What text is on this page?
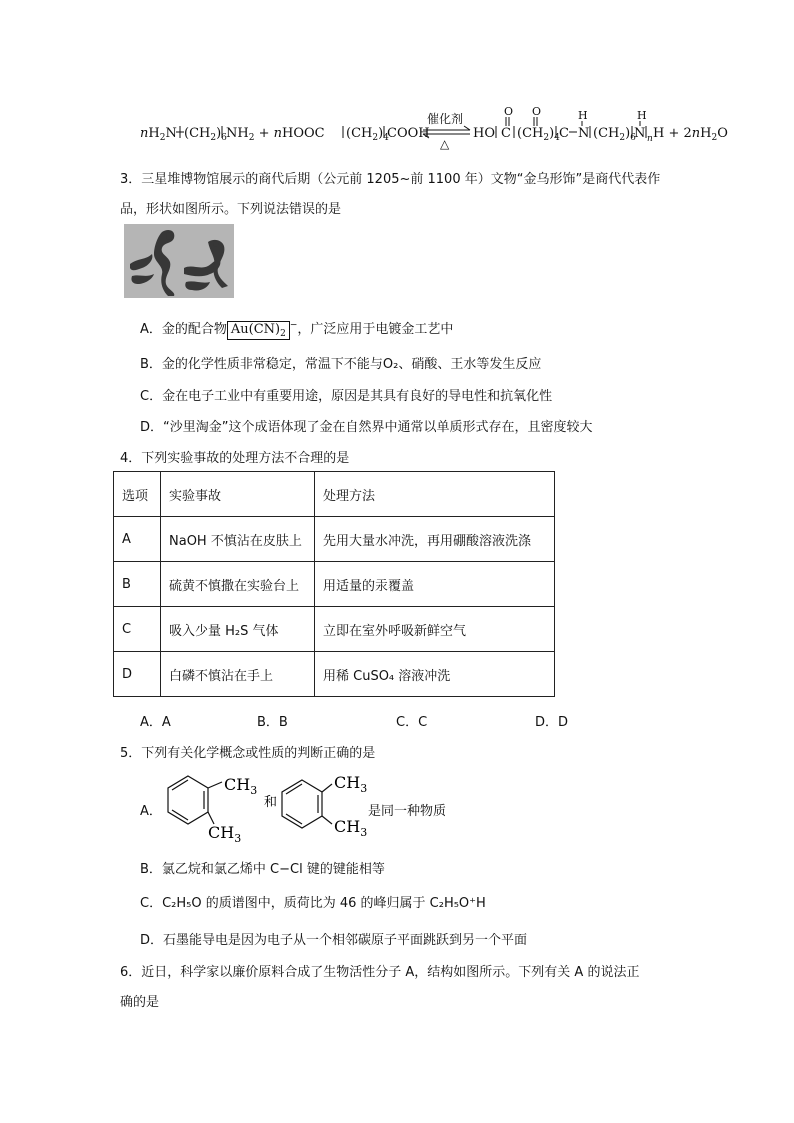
$nH_2N$ $(CH_2)_6$ $NH_2$ + nHOOC $(CH_2)_4$
COOH
催化剂
△
HO
O
C $(CH_2)_4$
O
C N
H
$(CH_2)_6$
N
H
n $H + 2nH_2O$
3．三星堆博物馆展示的商代后期（公元前 1205~前 1100 年）文物“金乌形饰”是商代代表作
品，形状如图所示。下列说法错误的是
A．金的配合物 $Au(CN)_2^-$，广泛应用于电镀金工艺中
B．金的化学性质非常稳定，常温下不能与O₂、硝酸、王水等发生反应
C．金在电子工业中有重要用途，原因是其具有良好的导电性和抗氧化性
D．“沙里淘金”这个成语体现了金在自然界中通常以单质形式存在，且密度较大
4．下列实验事故的处理方法不合理的是
选项	实验事故	处理方法
A	NaOH 不慎沾在皮肤上	先用大量水冲洗，再用硼酸溶液洗涤
B	硫黄不慎撒在实验台上	用适量的汞覆盖
C	吸入少量 H₂S 气体	立即在室外呼吸新鲜空气
D	白磷不慎沾在手上	用稀 CuSO₄ 溶液冲洗
A．A	B．B	C．C	D．D
5．下列有关化学概念或性质的判断正确的是
A．
$CH_3$
$CH_3$
和
$CH_3$
$CH_3$
是同一种物质
B．氯乙烷和氯乙烯中 C−Cl 键的键能相等
C．C₂H₅O 的质谱图中，质荷比为 46 的峰归属于 C₂H₅O⁺H
D．石墨能导电是因为电子从一个相邻碳原子平面跳跃到另一个平面
6．近日，科学家以廉价原料合成了生物活性分子 A，结构如图所示。下列有关 A 的说法正
确的是
